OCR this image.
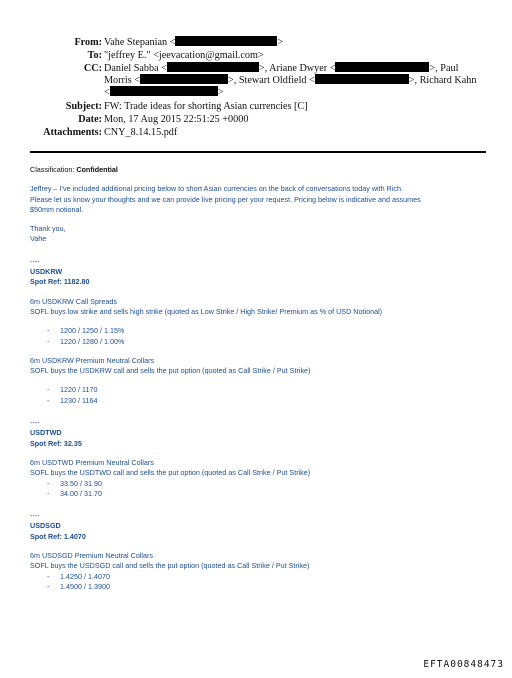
From: Vahe Stepanian <	>
To: "jeffrey E." <jeevacation@gmail.com>
CC: Daniel Sabba <	>, Ariane Dwyer <	>, Paul
Morris <	>, Stewart Oldfield <	>, Richard Kahn
<	>
Subject: FW: Trade ideas for shorting Asian currencies [C]
Date: Mon, 17 Aug 2015 22:51:25 +0000
Attachments: CNY_8.14.15.pdf

Classification: Confidential

Jeffrey – I’ve included additional pricing below to short Asian currencies on the back of conversations today with Rich.

Please let us know your thoughts and we can provide live pricing per your request. Pricing below is indicative and assumes

$50mm notional.

Thank you,

Vahe

----

USDKRW

Spot Ref: 1182.80

6m USDKRW Call Spreads

SOFL buys low strike and sells high strike (quoted as Low Strike / High Strike/ Premium as % of USD Notional)

- 1200 / 1250 / 1.15%
- 1220 / 1280 / 1.00%

6m USDKRW Premium Neutral Collars

SOFL buys the USDKRW call and sells the put option (quoted as Call Strike / Put Strike)

- 1220 / 1170
- 1230 / 1164

----

USDTWD

Spot Ref: 32.35

6m USDTWD Premium Neutral Collars

SOFL buys the USDTWD call and sells the put option (quoted as Call Strike / Put Strike)

- 33.50 / 31.90
- 34.00 / 31.70

----

USDSGD

Spot Ref: 1.4070

6m USDSGD Premium Neutral Collars

SOFL buys the USDSGD call and sells the put option (quoted as Call Strike / Put Strike)

- 1.4250 / 1.4070
- 1.4500 / 1.3900
EFTA00848473
